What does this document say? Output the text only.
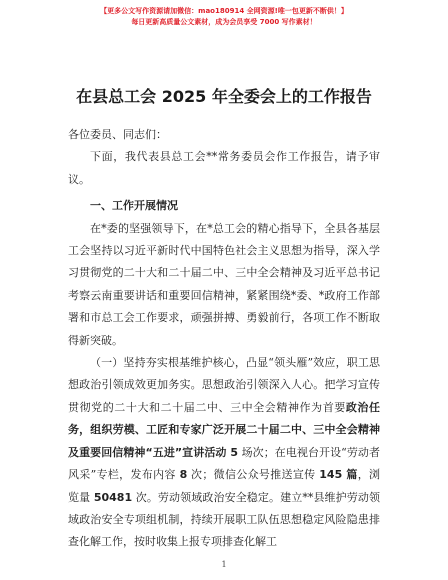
【更多公文写作资源请加微信：mao180914 全网资源!唯一包更新不断供！】
每日更新高质量公文素材，成为会员享受 7000 写作素材！
在县总工会 2025 年全委会上的工作报告

各位委员、同志们：

下面，我代表县总工会**常务委员会作工作报告，请予审议。

一、工作开展情况

在*委的坚强领导下，在*总工会的精心指导下，全县各基层工会坚持以习近平新时代中国特色社会主义思想为指导，深入学习贯彻党的二十大和二十届二中、三中全会精神及习近平总书记考察云南重要讲话和重要回信精神，紧紧围绕*委、*政府工作部署和市总工会工作要求，顽强拼搏、勇毅前行，各项工作不断取得新突破。

（一）坚持夯实根基维护核心，凸显“领头雁”效应，职工思想政治引领成效更加务实。思想政治引领深入人心。把学习宣传贯彻党的二十大和二十届二中、三中全会精神作为首要政治任务，组织劳模、工匠和专家广泛开展二十届二中、三中全会精神及重要回信精神“五进”宣讲活动 5 场次；在电视台开设“劳动者风采”专栏，发布内容 8 次；微信公众号推送宣传 145 篇，浏览量 50481 次。劳动领域政治安全稳定。建立**县维护劳动领域政治安全专项组机制，持续开展职工队伍思想稳定风险隐患排查化解工作，按时收集上报专项排查化解工

1
